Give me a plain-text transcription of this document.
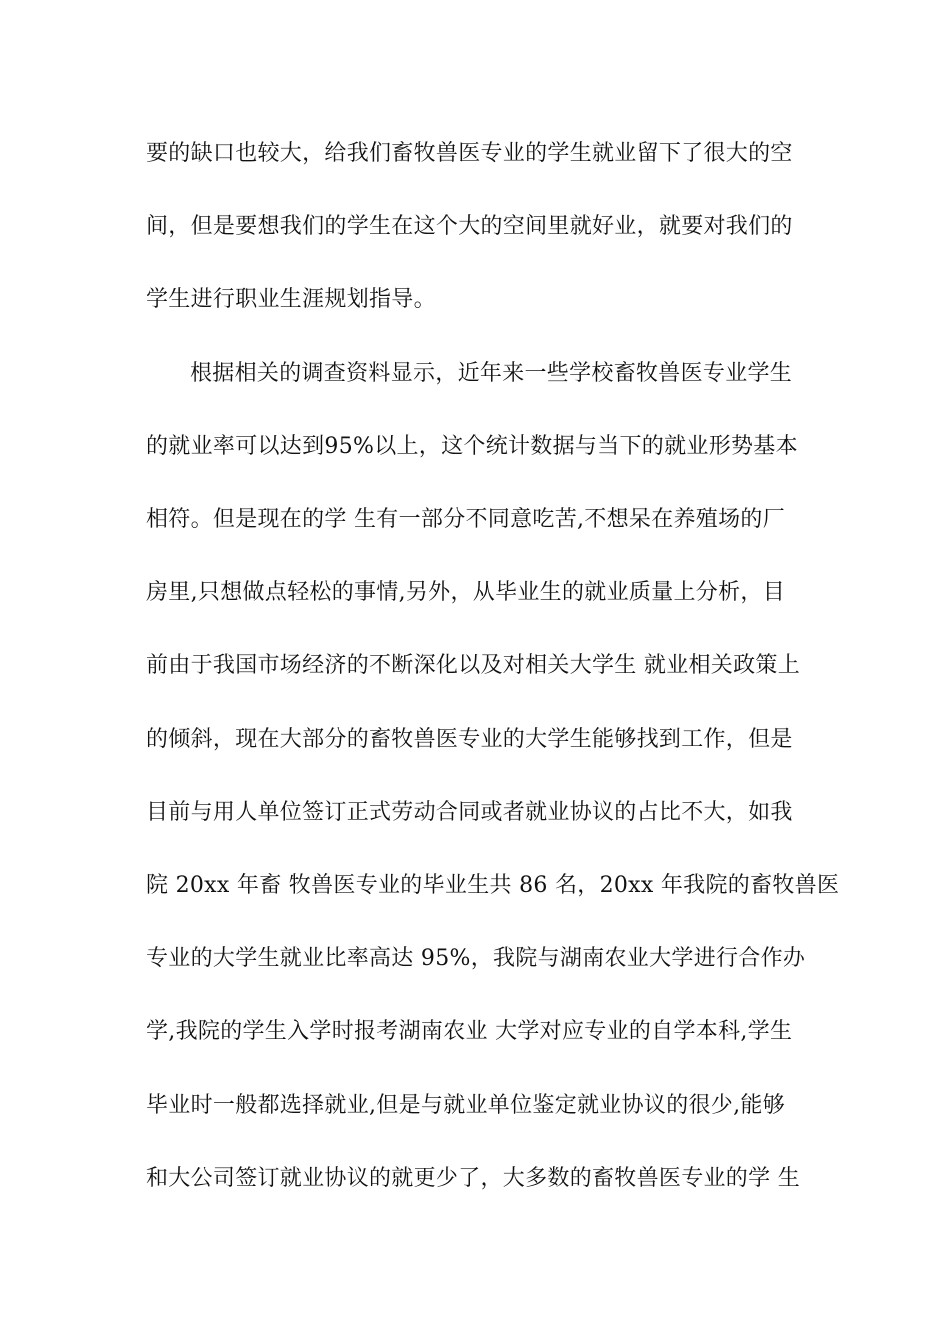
要的缺口也较大，给我们畜牧兽医专业的学生就业留下了很大的空
间，但是要想我们的学生在这个大的空间里就好业，就要对我们的
学生进行职业生涯规划指导。
根据相关的调查资料显示，近年来一些学校畜牧兽医专业学生
的就业率可以达到95%以上，这个统计数据与当下的就业形势基本
相符。但是现在的学 生有一部分不同意吃苦,不想呆在养殖场的厂
房里,只想做点轻松的事情,另外，从毕业生的就业质量上分析，目
前由于我国市场经济的不断深化以及对相关大学生 就业相关政策上
的倾斜，现在大部分的畜牧兽医专业的大学生能够找到工作，但是
目前与用人单位签订正式劳动合同或者就业协议的占比不大，如我
院 20xx 年畜 牧兽医专业的毕业生共 86 名，20xx 年我院的畜牧兽医
专业的大学生就业比率高达 95%，我院与湖南农业大学进行合作办
学,我院的学生入学时报考湖南农业 大学对应专业的自学本科,学生
毕业时一般都选择就业,但是与就业单位鉴定就业协议的很少,能够
和大公司签订就业协议的就更少了，大多数的畜牧兽医专业的学 生
